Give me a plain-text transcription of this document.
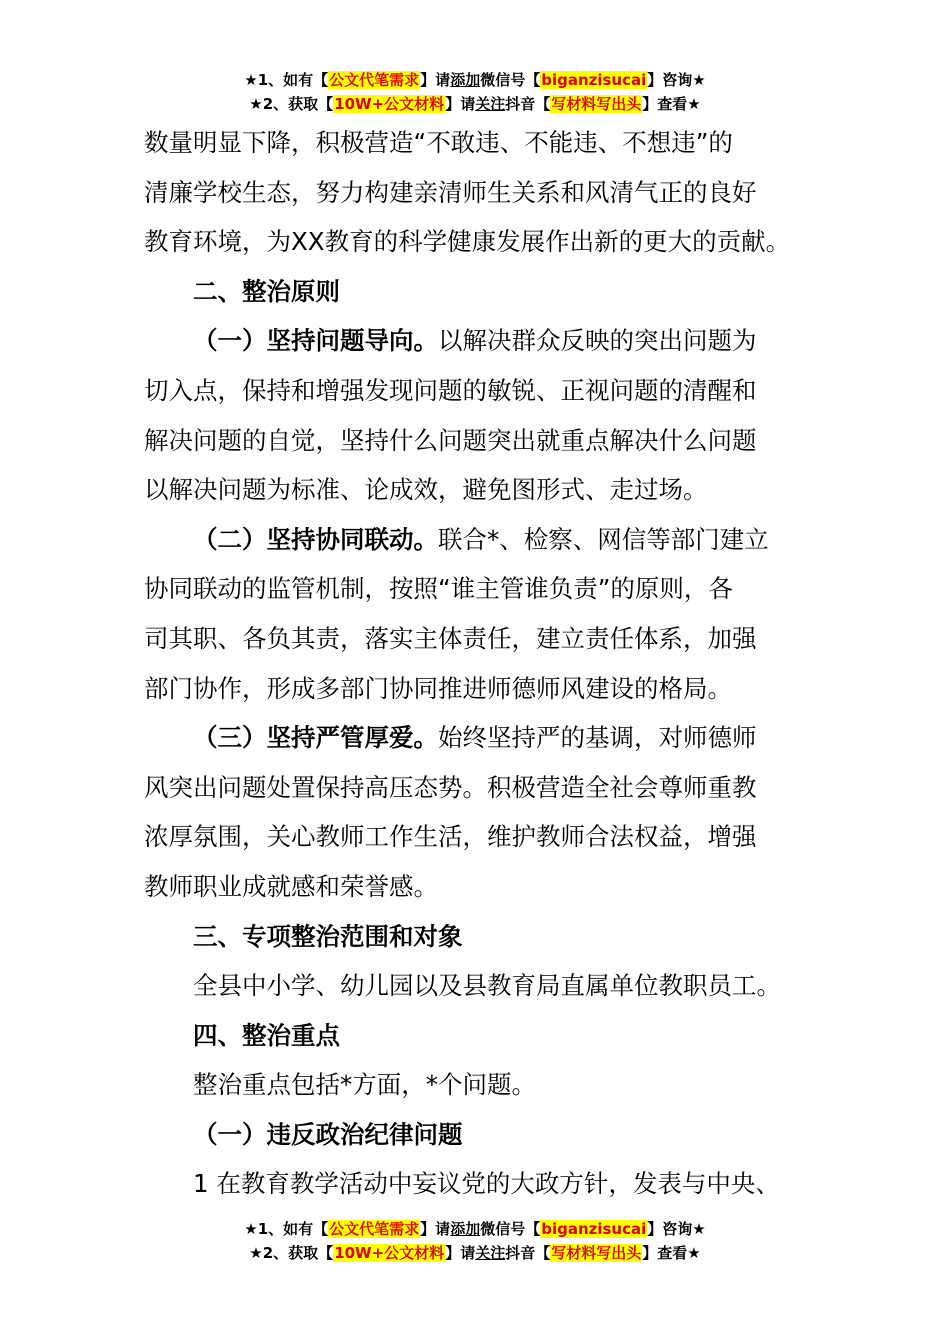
★1、如有【公文代笔需求】请添加微信号【biganzisucai】咨询★
★2、获取【10W+公文材料】请关注抖音【写材料写出头】查看★

数量明显下降，积极营造“不敢违、不能违、不想违”的

清廉学校生态，努力构建亲清师生关系和风清气正的良好

教育环境，为XX教育的科学健康发展作出新的更大的贡献。

二、整治原则

（一）坚持问题导向。以解决群众反映的突出问题为

切入点，保持和增强发现问题的敏锐、正视问题的清醒和

解决问题的自觉，坚持什么问题突出就重点解决什么问题

以解决问题为标准、论成效，避免图形式、走过场。

（二）坚持协同联动。联合*、检察、网信等部门建立

协同联动的监管机制，按照“谁主管谁负责”的原则，各

司其职、各负其责，落实主体责任，建立责任体系，加强

部门协作，形成多部门协同推进师德师风建设的格局。

（三）坚持严管厚爱。始终坚持严的基调，对师德师

风突出问题处置保持高压态势。积极营造全社会尊师重教

浓厚氛围，关心教师工作生活，维护教师合法权益，增强

教师职业成就感和荣誉感。

三、专项整治范围和对象

全县中小学、幼儿园以及县教育局直属单位教职员工。

四、整治重点

整治重点包括*方面，*个问题。

（一）违反政治纪律问题

1 在教育教学活动中妄议党的大政方针，发表与中央、

★1、如有【公文代笔需求】请添加微信号【biganzisucai】咨询★
★2、获取【10W+公文材料】请关注抖音【写材料写出头】查看★
